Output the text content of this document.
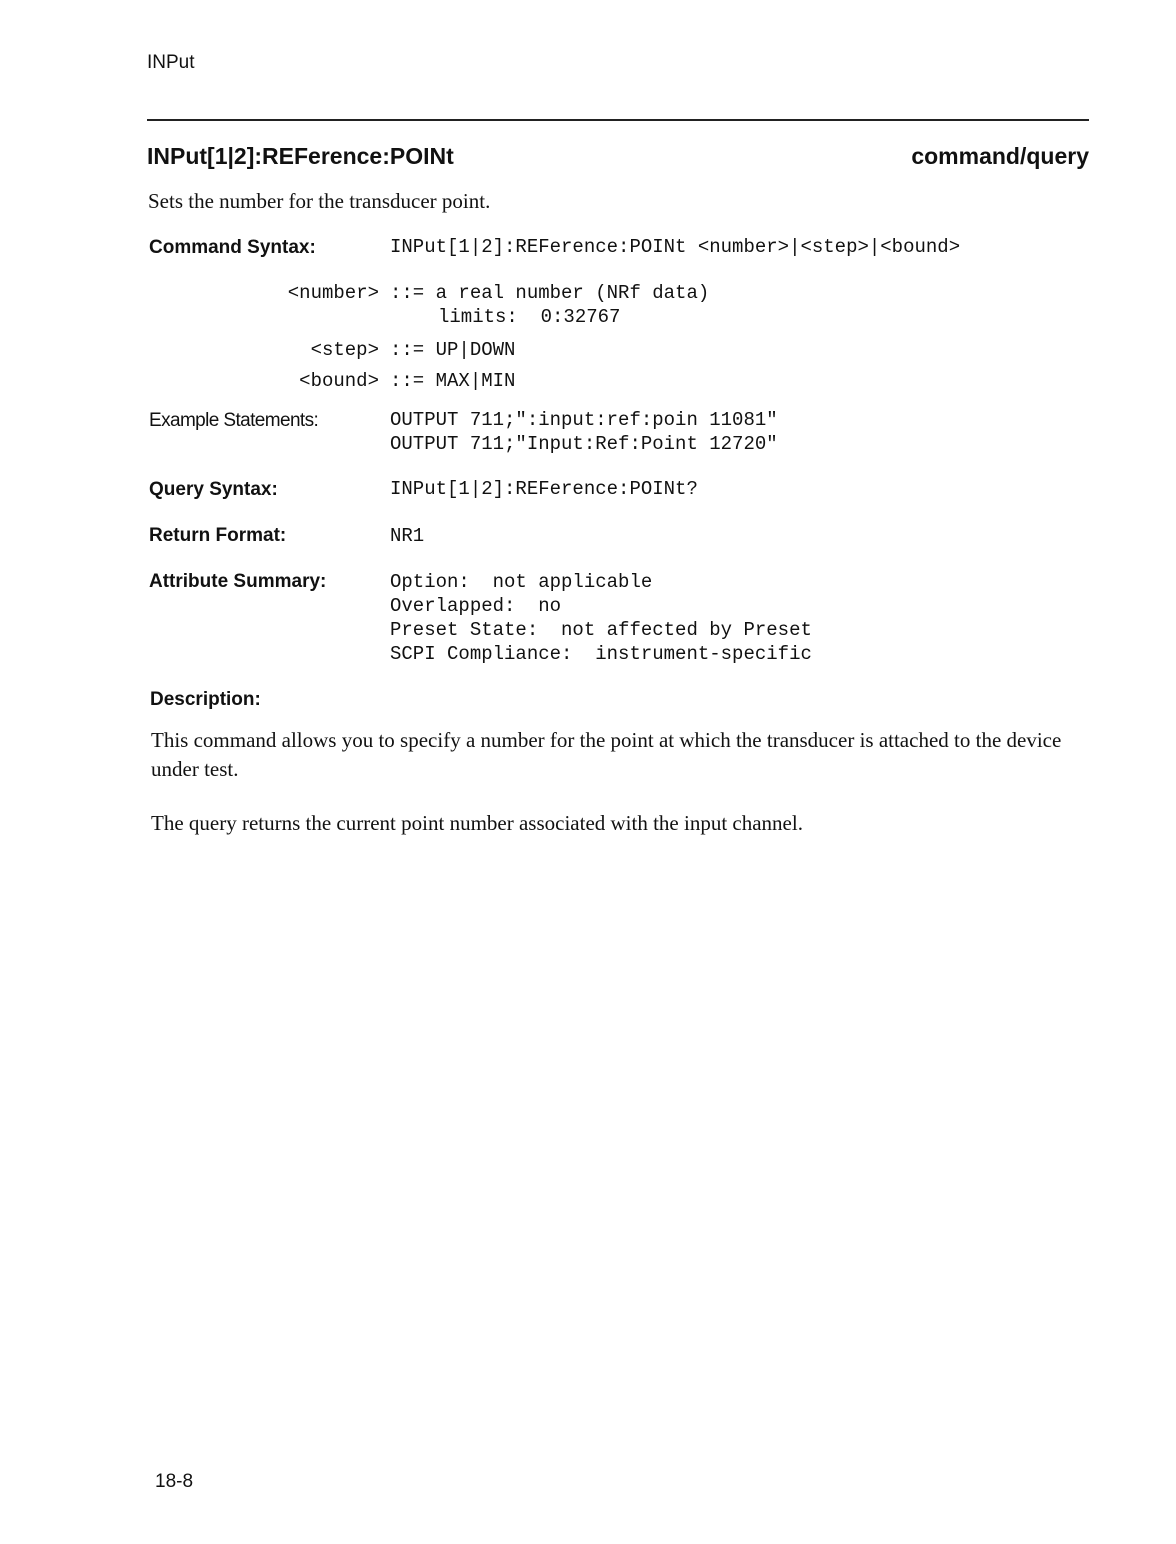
INPut
INPut[1|2]:REFerence:POINt	command/query
Sets the number for the transducer point.
Command Syntax:	INPut[1|2]:REFerence:POINt <number>|<step>|<bound>
<number> ::= a real number (NRf data)
limits:  0:32767
<step> ::= UP|DOWN
<bound> ::= MAX|MIN
Example Statements:	OUTPUT 711;":input:ref:poin 11081"
OUTPUT 711;"Input:Ref:Point 12720"
Query Syntax:	INPut[1|2]:REFerence:POINt?
Return Format:	NR1
Attribute Summary:	Option:  not applicable
Overlapped:  no
Preset State:  not affected by Preset
SCPI Compliance:  instrument-specific
Description:
This command allows you to specify a number for the point at which the transducer is attached to the device under test.
The query returns the current point number associated with the input channel.
18-8
